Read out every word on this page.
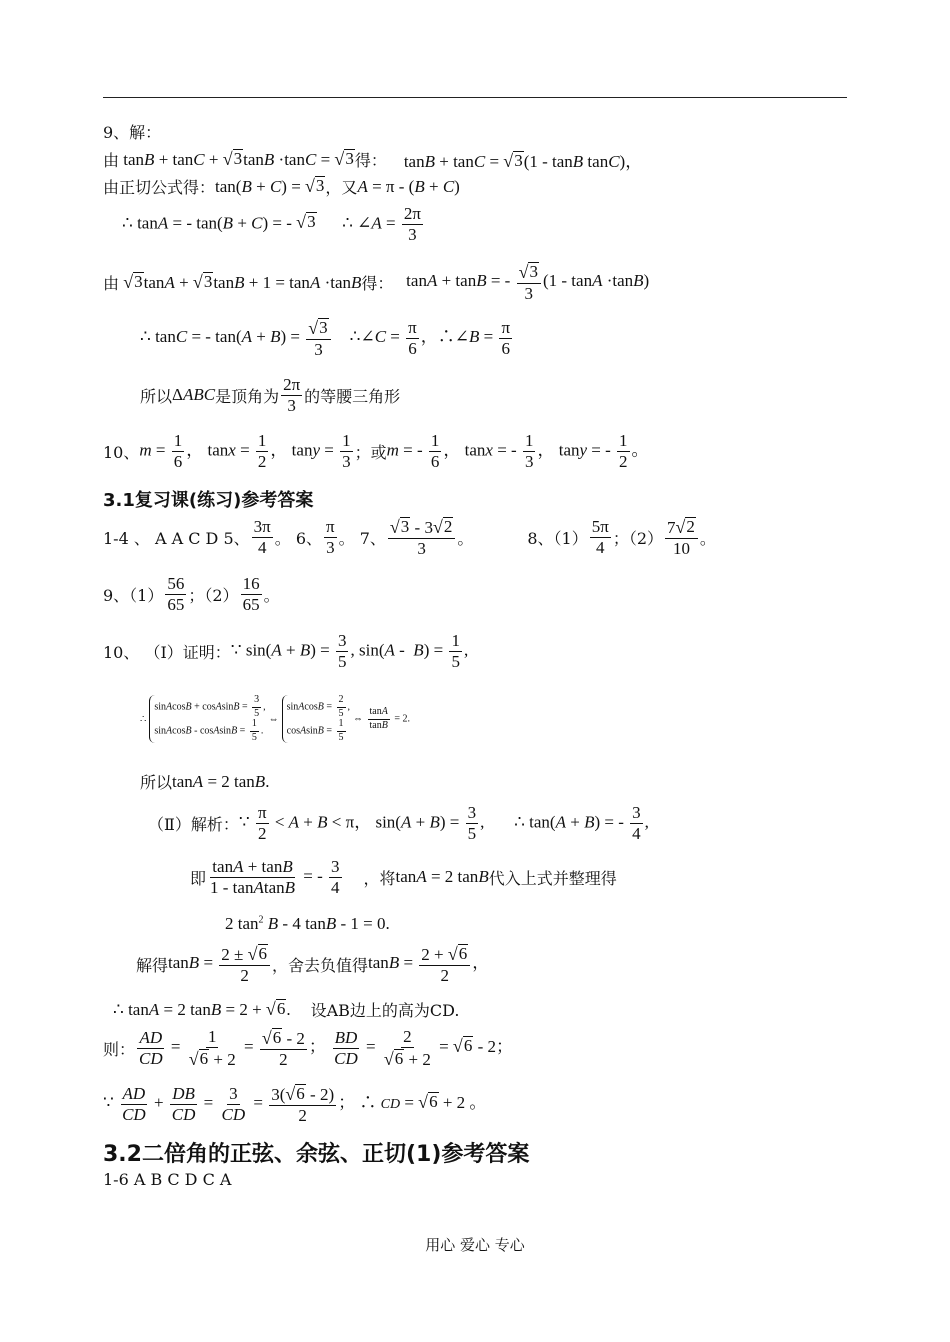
9、解：
由 tanB + tanC + √ 3 tanB ·tanC = √ 3 得： tanB + tanC = √ 3 (1 - tanB tanC)，
由正切公式得： tan(B + C) = √ 3 ，又 A = π - (B + C)
∴ tanA = - tan(B + C) = - √ 3 ∴ ∠A = $\frac{2\pi}{3}$
由
√ 3 tanA + √ 3 tanB + 1 = tanA ·tanB 得： tanA + tanB = - $\frac{√ 3}{3} (1 - \tan A \cdot\tan B)$
∴ tanC = - $\tan(A + B) = \frac{√ 3}{3}$ ∴∠C = $\frac{\pi}{6}$ ，∴∠B = $\frac{\pi}{6}$
所以 ΔABC 是顶角为 $\frac{2\pi}{3}$ 的等腰三角形
10、 $m = \frac{1}{6}$ ， $\tan x = \frac{1}{2}$ ， $\tan y = \frac{1}{3}$ ；或 m = - $\frac{1}{6}$ ， tanx = - $\frac{1}{3}$ ， tany = - $\frac{1}{2}$ 。
3.1复习课(练习)参考答案
1-4 、 A A C D 5、 $\frac{3\pi}{4}$ 。 6、 $\frac{\pi}{3}$ 。 7、 $\frac{√ 3 - 3 √ 2}{3}$ 。	8、$(1) \frac{5\pi}{4}$ ；$(2) \frac{7 √ 2}{10}$ 。
9、$(1) \frac{56}{65}$ ；$(2) \frac{16}{65}$ 。
10、 （Ⅰ）证明： ∵ $\sin(A + B) = \frac{3}{5}$ , $\sin(A - B) = \frac{1}{5}$ ,
∴
sinAcosB + cosAsinB = $\frac{3}{5}$ ,
sinAcosB - cosAsinB = $\frac{1}{5}$ .
⇔
sinAcosB = $\frac{2}{5}$ ,
cosAsinB = $\frac{1}{5}$
⇔ $\frac{\tan A}{\tan B} = 2$.
所以 tanA = 2 tanB.
（Ⅱ）解析： ∵ $\frac{\pi}{2} < A + B < \pi$， $\sin(A + B) = \frac{3}{5}$ ,       ∴ tan(A + B) = - $\frac{3}{4}$ ,
即 $\frac{\tan A + \tan B}{\text{1 - tanAtanB}}$ = - $\frac{3}{4}$ ，将 tanA = 2 tanB 代入上式并整理得
2 $\tan^2 B - 4$ tanB - 1 = 0.
解得 $\tan B = \frac{2 \pm √ 6}{2}$ ，舍去负值得 $\tan B = \frac{2 + √ 6}{2}$ ，
∴ tanA = 2 tanB = 2 + √ 6 . 设AB边上的高为CD.
则： $\frac{AD}{CD} = \frac{1}{√ 6 + 2} = \frac{√ 6 - 2}{2}$ ； $\frac{BD}{CD} = \frac{2}{√ 6 + 2}$ = √ 6 - 2；
∵ $\frac{AD}{CD} + \frac{DB}{CD} = \frac{3}{CD} = \frac{3( √ 6 - 2)}{2}$ ； ∴ CD = √ 6 + 2 。
3.2二倍角的正弦、余弦、正切(1)参考答案
1-6 A B C D C A
用心 爱心 专心
